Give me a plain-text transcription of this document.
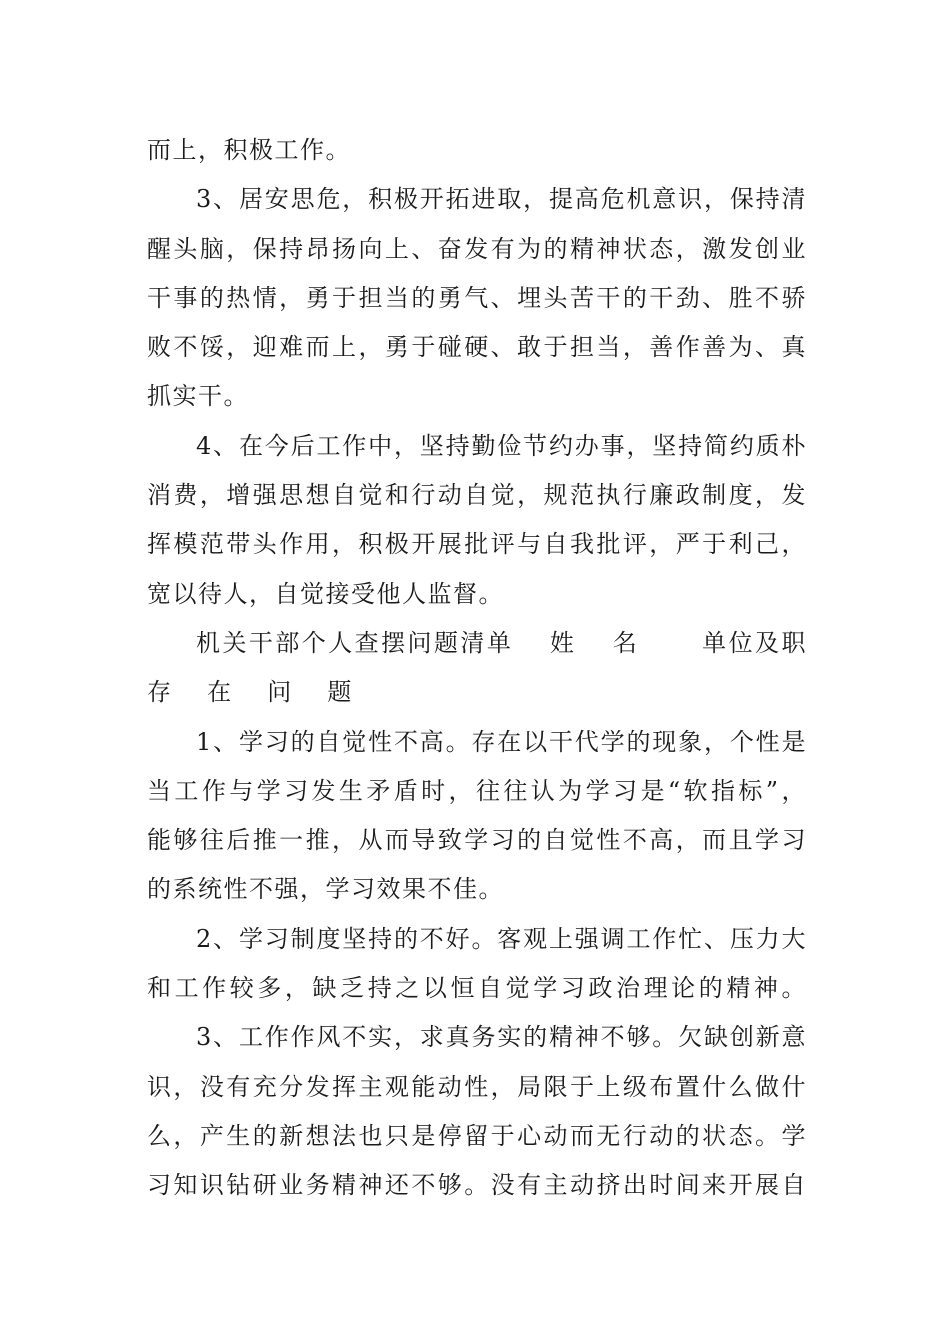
而上，积极工作。
3、居安思危，积极开拓进取，提高危机意识，保持清
醒头脑，保持昂扬向上、奋发有为的精神状态，激发创业
干事的热情，勇于担当的勇气、埋头苦干的干劲、胜不骄
败不馁，迎难而上，勇于碰硬、敢于担当，善作善为、真
抓实干。
4、在今后工作中，坚持勤俭节约办事，坚持简约质朴
消费，增强思想自觉和行动自觉，规范执行廉政制度，发
挥模范带头作用，积极开展批评与自我批评，严于利己，
宽以待人，自觉接受他人监督。
机关干部个人查摆问题清单　 姓　 名　　 单位及职
存　 在　 问　 题
1、学习的自觉性不高。存在以干代学的现象，个性是
当工作与学习发生矛盾时，往往认为学习是“软指标”，
能够往后推一推，从而导致学习的自觉性不高，而且学习
的系统性不强，学习效果不佳。
2、学习制度坚持的不好。客观上强调工作忙、压力大
和工作较多，缺乏持之以恒自觉学习政治理论的精神。
3、工作作风不实，求真务实的精神不够。欠缺创新意
识，没有充分发挥主观能动性，局限于上级布置什么做什
么，产生的新想法也只是停留于心动而无行动的状态。学
习知识钻研业务精神还不够。没有主动挤出时间来开展自
